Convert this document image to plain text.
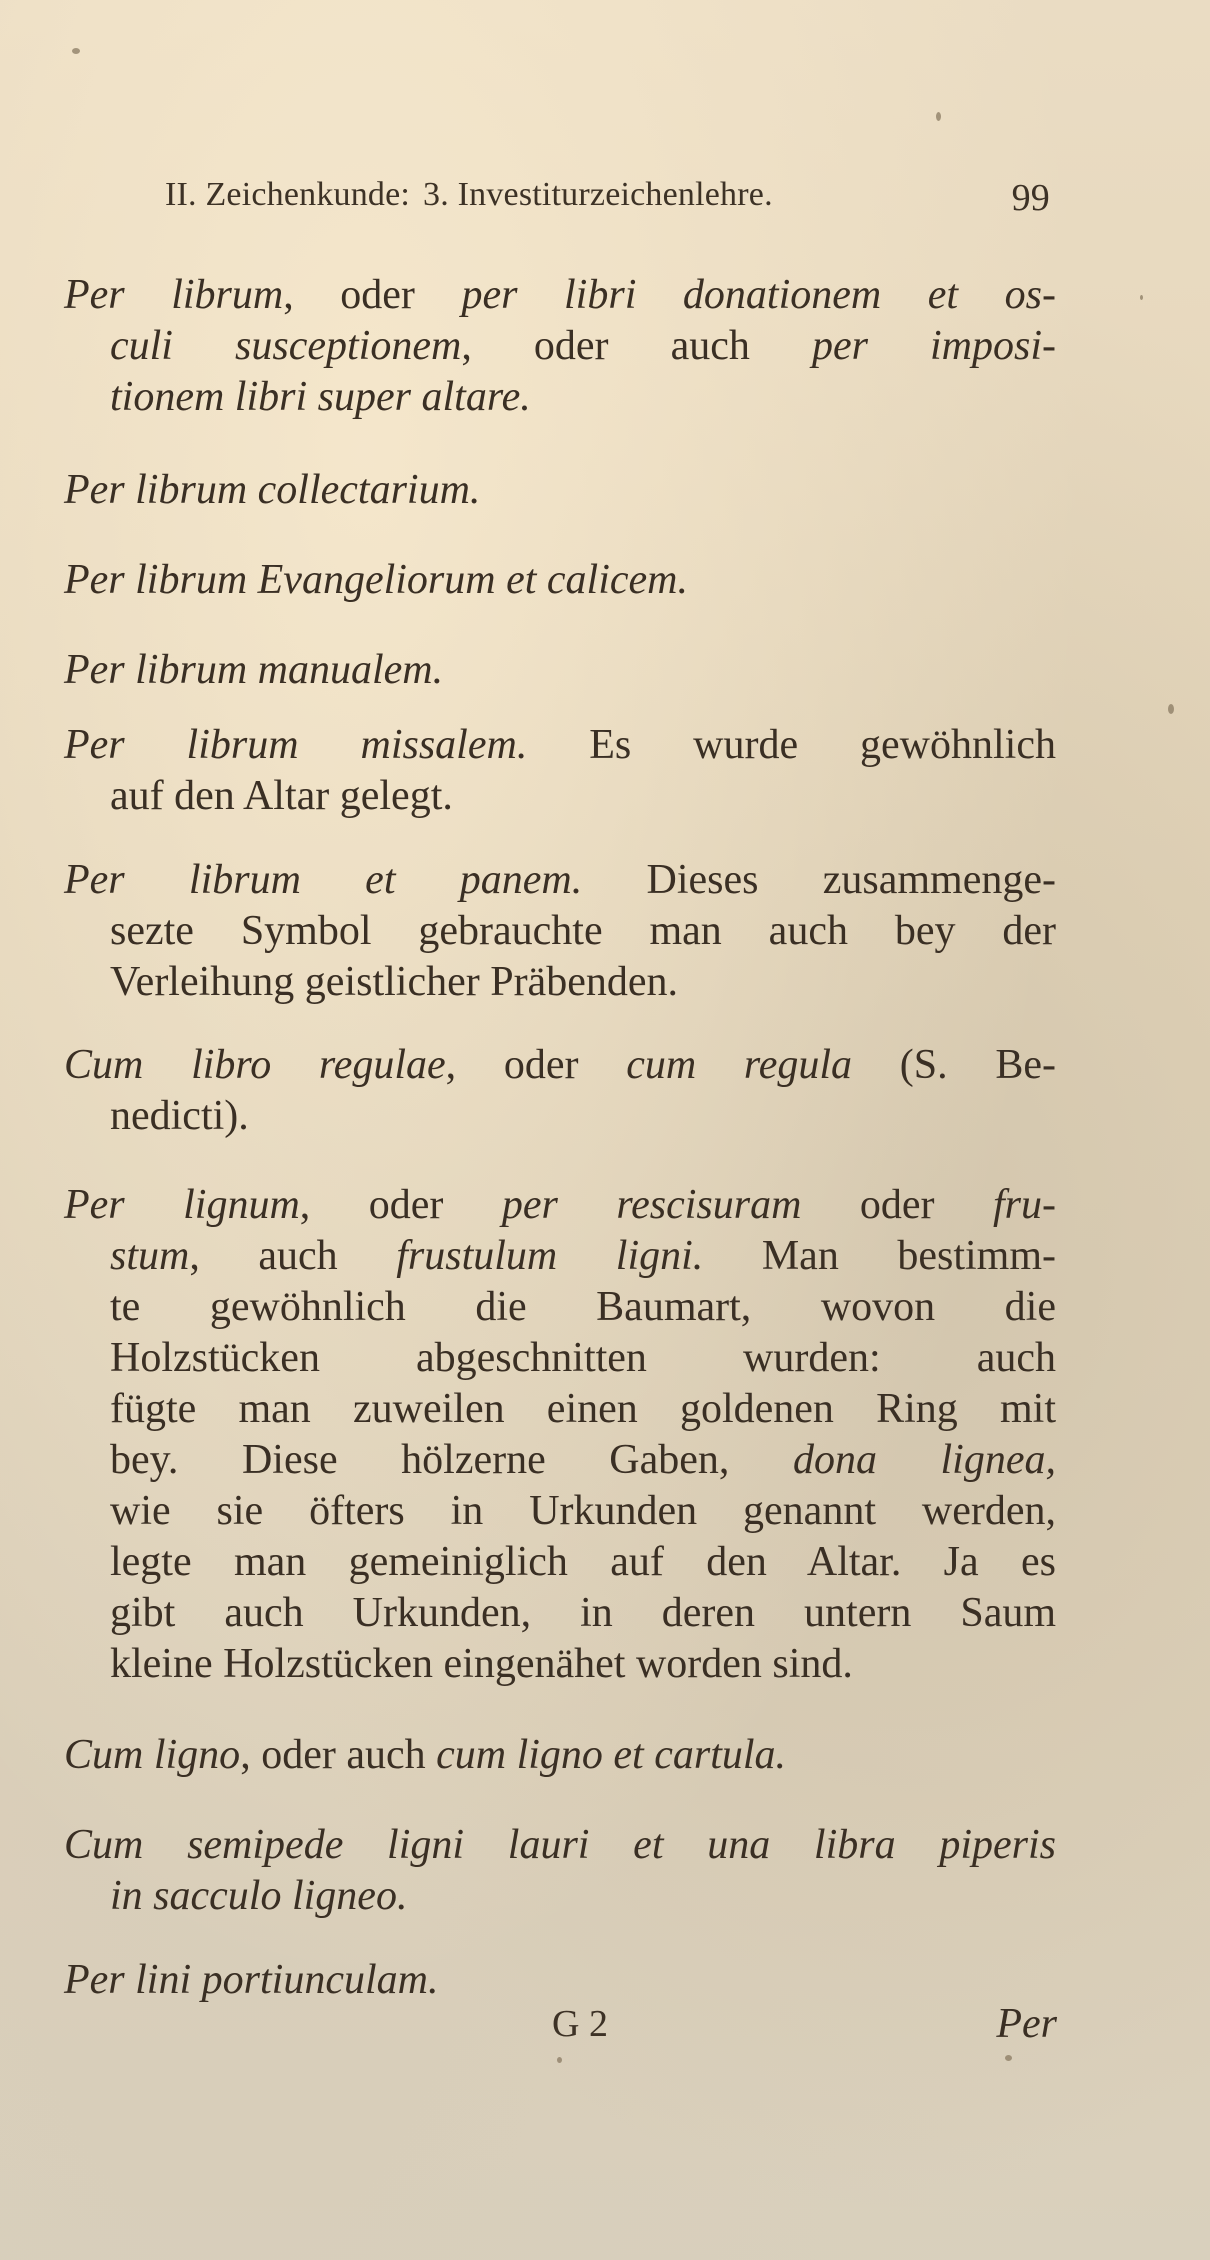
II. Zeichenkunde: 3. Investiturzeichenlehre.	99
Per librum, oder per libri donationem et os-
culi susceptionem, oder auch per imposi-
tionem libri super altare.
Per librum collectarium.
Per librum Evangeliorum et calicem.
Per librum manualem.
Per librum missalem. Es wurde gewöhnlich
auf den Altar gelegt.
Per librum et panem. Dieses zusammenge-
sezte Symbol gebrauchte man auch bey der
Verleihung geistlicher Präbenden.
Cum libro regulae, oder cum regula (S. Be-
nedicti).
Per lignum, oder per rescisuram oder fru-
stum, auch frustulum ligni. Man bestimm-
te gewöhnlich die Baumart, wovon die
Holzstücken abgeschnitten wurden: auch
fügte man zuweilen einen goldenen Ring mit
bey. Diese hölzerne Gaben, dona lignea,
wie sie öfters in Urkunden genannt werden,
legte man gemeiniglich auf den Altar. Ja es
gibt auch Urkunden, in deren untern Saum
kleine Holzstücken eingenähet worden sind.
Cum ligno, oder auch cum ligno et cartula.
Cum semipede ligni lauri et una libra piperis
in sacculo ligneo.
Per lini portiunculam.
G 2	Per
